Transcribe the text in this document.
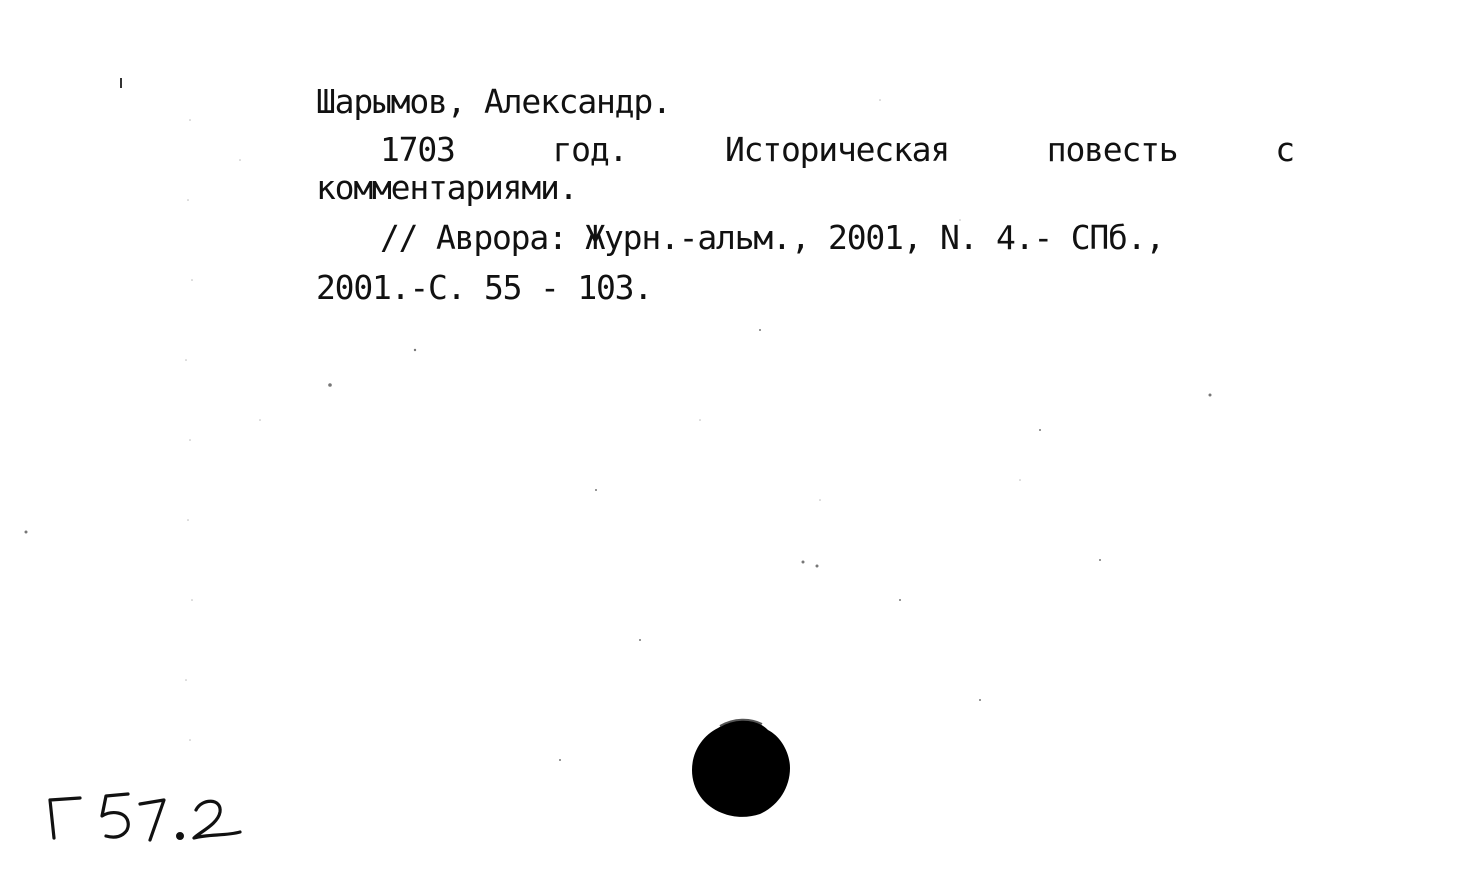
Шарымов, Александр.
1703	год.	Историческая	повесть	с
комментариями.
// Аврора: Журн.-альм., 2001, N. 4.- СПб.,
2001.-С. 55 - 103.
